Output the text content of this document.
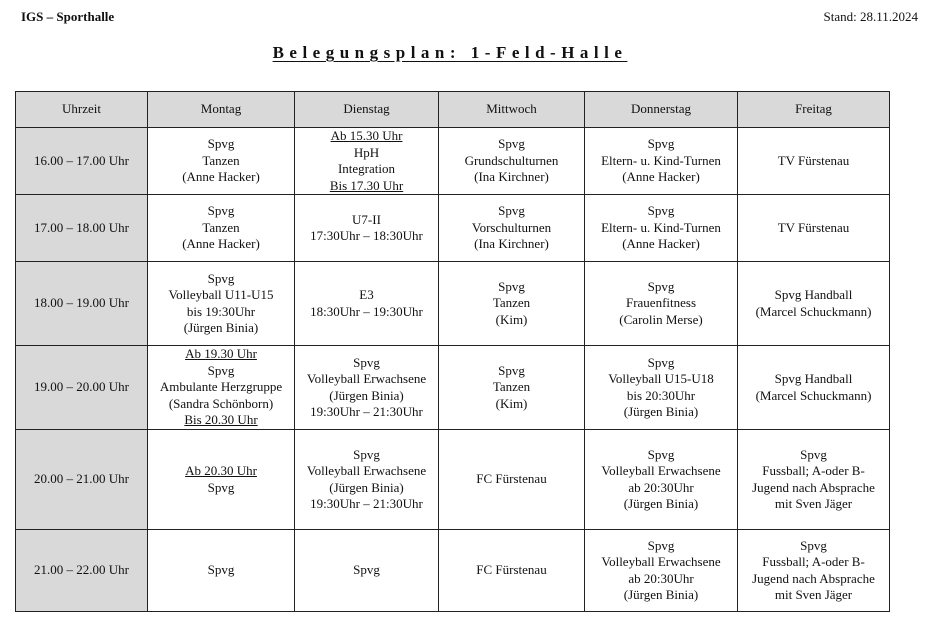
IGS – Sporthalle	Stand: 28.11.2024
Belegungsplan: 1-Feld-Halle
Uhrzeit	Montag	Dienstag	Mittwoch	Donnerstag	Freitag
16.00 – 17.00 Uhr	Spvg
Tanzen
(Anne Hacker)	Ab 15.30 Uhr
HpH
Integration
Bis 17.30 Uhr	Spvg
Grundschulturnen
(Ina Kirchner)	Spvg
Eltern- u. Kind-Turnen
(Anne Hacker)	TV Fürstenau

17.00 – 18.00 Uhr	Spvg
Tanzen
(Anne Hacker)	U7-II
17:30Uhr – 18:30Uhr	Spvg
Vorschulturnen
(Ina Kirchner)	Spvg
Eltern- u. Kind-Turnen
(Anne Hacker)	TV Fürstenau

18.00 – 19.00 Uhr	Spvg
Volleyball U11-U15
bis 19:30Uhr
(Jürgen Binia)	E3
18:30Uhr – 19:30Uhr	Spvg
Tanzen
(Kim)	Spvg
Frauenfitness
(Carolin Merse)	Spvg Handball
(Marcel Schuckmann)

19.00 – 20.00 Uhr	Ab 19.30 Uhr
Spvg
Ambulante Herzgruppe
(Sandra Schönborn)
Bis 20.30 Uhr	Spvg
Volleyball Erwachsene
(Jürgen Binia)
19:30Uhr – 21:30Uhr	Spvg
Tanzen
(Kim)	Spvg
Volleyball U15-U18
bis 20:30Uhr
(Jürgen Binia)	Spvg Handball
(Marcel Schuckmann)

20.00 – 21.00 Uhr	Ab 20.30 Uhr
Spvg	Spvg
Volleyball Erwachsene
(Jürgen Binia)
19:30Uhr – 21:30Uhr	FC Fürstenau	Spvg
Volleyball Erwachsene
ab 20:30Uhr
(Jürgen Binia)	Spvg
Fussball; A-oder B-
Jugend nach Absprache
mit Sven Jäger

21.00 – 22.00 Uhr	Spvg	Spvg	FC Fürstenau	Spvg
Volleyball Erwachsene
ab 20:30Uhr
(Jürgen Binia)	Spvg
Fussball; A-oder B-
Jugend nach Absprache
mit Sven Jäger
